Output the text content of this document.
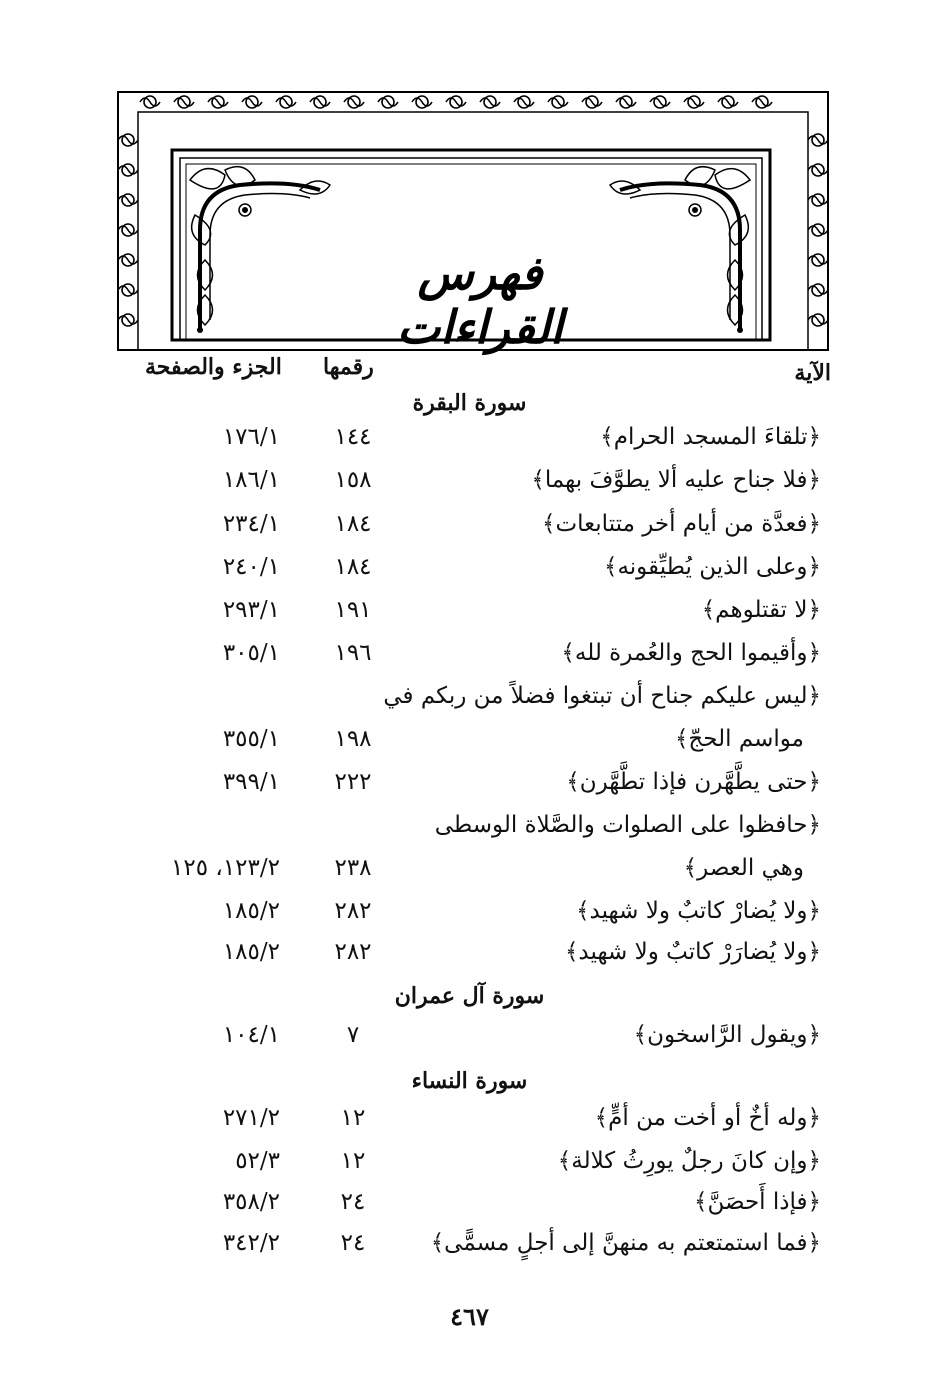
فهرس القراءات
الآية
رقمها
الجزء والصفحة
سورة البقرة
سورة آل عمران
سورة النساء
﴿تلقاءَ المسجد الحرام﴾
١٤٤
١٧٦/١
﴿فلا جناح عليه ألا يطوَّفَ بهما﴾
١٥٨
١٨٦/١
﴿فعدَّة من أيام أخر متتابعات﴾
١٨٤
٢٣٤/١
﴿وعلى الذين يُطيِّقونه﴾
١٨٤
٢٤٠/١
﴿لا تقتلوهم﴾
١٩١
٢٩٣/١
﴿وأقيموا الحج والعُمرة لله﴾
١٩٦
٣٠٥/١
﴿ليس عليكم جناح أن تبتغوا فضلاً من ربكم في
مواسم الحجّ﴾
١٩٨
٣٥٥/١
﴿حتى يطَّهَّرن فإذا تطَّهَّرن﴾
٢٢٢
٣٩٩/١
﴿حافظوا على الصلوات والصَّلاة الوسطى
وهي العصر﴾
٢٣٨
١٢٣/٢، ١٢٥
﴿ولا يُضارْ كاتبٌ ولا شهيد﴾
٢٨٢
١٨٥/٢
﴿ولا يُضارَرْ كاتبٌ ولا شهيد﴾
٢٨٢
١٨٥/٢
﴿ويقول الرَّاسخون﴾
٧
١٠٤/١
﴿وله أخٌ أو أخت من أمٍّ﴾
١٢
٢٧١/٢
﴿وإن كانَ رجلٌ يورِثُ كلالة﴾
١٢
٥٢/٣
﴿فإذا أَحصَنَّ﴾
٢٤
٣٥٨/٢
﴿فما استمتعتم به منهنَّ إلى أجلٍ مسمًّى﴾
٢٤
٣٤٢/٢
٤٦٧
